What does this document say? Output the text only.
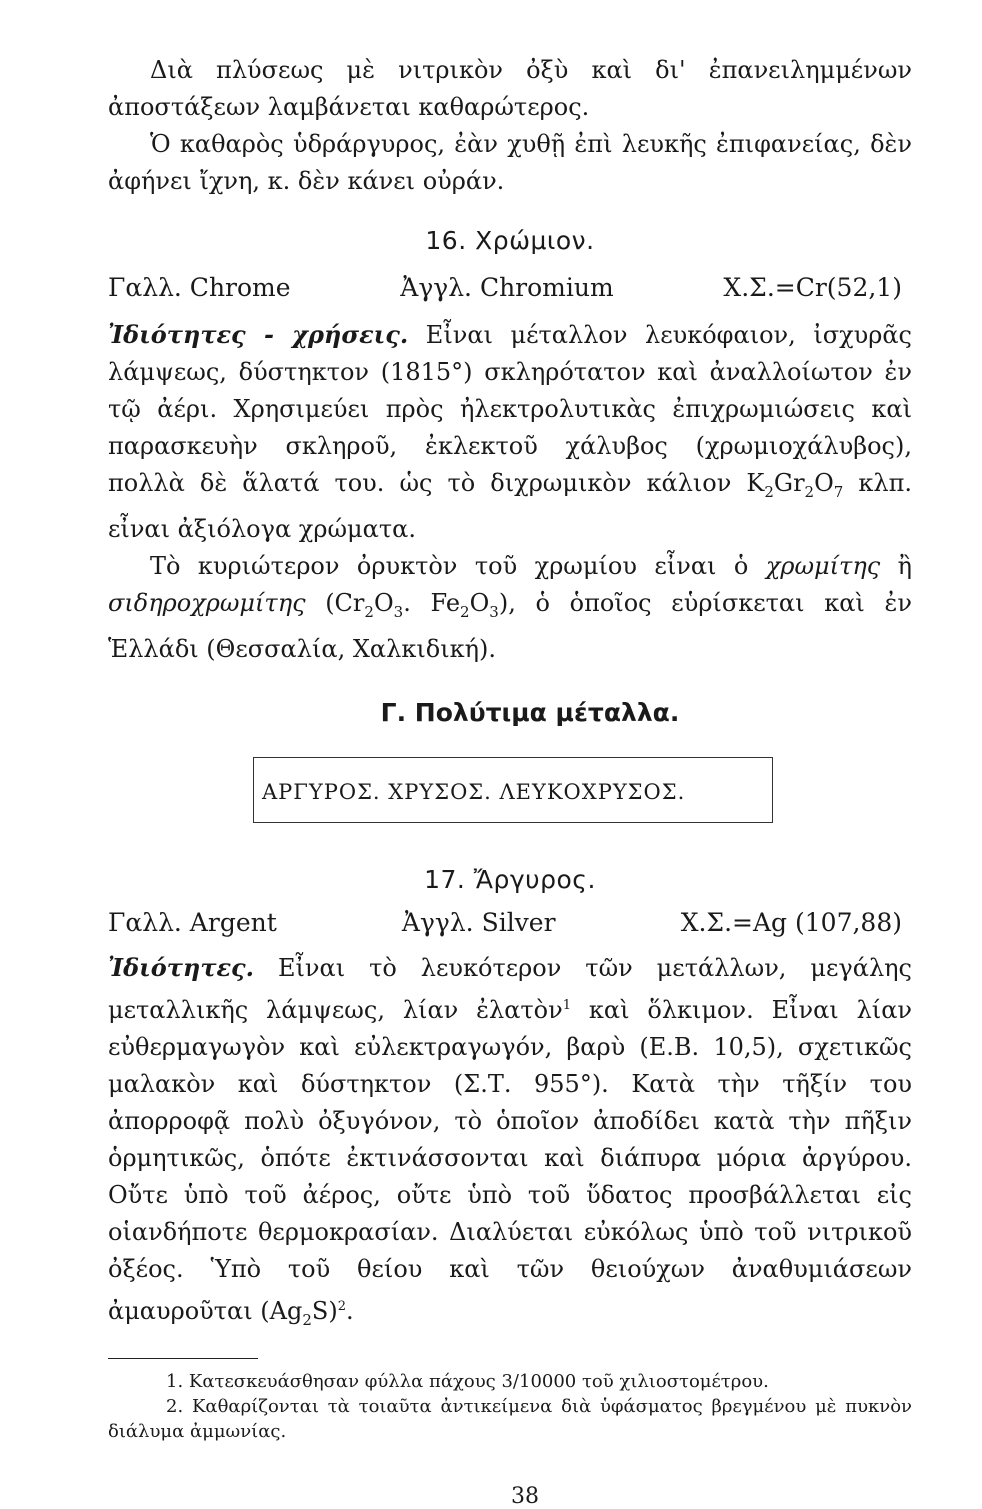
Διὰ πλύσεως μὲ νιτρικὸν ὀξὺ καὶ δι' ἐπανειλημμένων ἀποστάξεων λαμβάνεται καθαρώτερος.

Ὁ καθαρὸς ὑδράργυρος, ἐὰν χυθῇ ἐπὶ λευκῆς ἐπιφανείας, δὲν ἀφήνει ἴχνη, κ. δὲν κάνει οὐράν.

16. Χρώμιον.

Γαλλ. Chrome	Ἀγγλ. Chromium	Χ.Σ.=Cr(52,1)

Ἰδιότητες - χρήσεις. Εἶναι μέταλλον λευκόφαιον, ἰσχυρᾶς λάμψεως, δύστηκτον (1815°) σκληρότατον καὶ ἀναλλοίωτον ἐν τῷ ἀέρι. Χρησιμεύει πρὸς ἠλεκτρολυτικὰς ἐπιχρωμιώσεις καὶ παρασκευὴν σκληροῦ, ἐκλεκτοῦ χάλυβος (χρωμιοχάλυβος), πολλὰ δὲ ἅλατά του. ὡς τὸ διχρωμικὸν κάλιον $K_2Gr_2O_7$ κλπ. εἶναι ἀξιόλογα χρώματα.

Τὸ κυριώτερον ὀρυκτὸν τοῦ χρωμίου εἶναι ὁ χρωμίτης ἢ σιδηροχρωμίτης ($Cr_2O_3$. $Fe_2O_3$), ὁ ὁποῖος εὑρίσκεται καὶ ἐν Ἑλλάδι (Θεσσαλία, Χαλκιδική).

Γ. Πολύτιμα μέταλλα.

ΑΡΓΥΡΟΣ. ΧΡΥΣΟΣ. ΛΕΥΚΟΧΡΥΣΟΣ.

17. Ἄργυρος.

Γαλλ. Argent	Ἀγγλ. Silver	Χ.Σ.=Ag (107,88)

Ἰδιότητες. Εἶναι τὸ λευκότερον τῶν μετάλλων, μεγάλης μεταλλικῆς λάμψεως, λίαν ἐλατὸν$^1$ καὶ ὅλκιμον. Εἶναι λίαν εὐθερμαγωγὸν καὶ εὐλεκτραγωγόν, βαρὺ (Ε.Β. 10,5), σχετικῶς μαλακὸν καὶ δύστηκτον (Σ.Τ. 955°). Κατὰ τὴν τῆξίν του ἀπορροφᾷ πολὺ ὀξυγόνον, τὸ ὁποῖον ἀποδίδει κατὰ τὴν πῆξιν ὁρμητικῶς, ὁπότε ἐκτινάσσονται καὶ διάπυρα μόρια ἀργύρου. Οὔτε ὑπὸ τοῦ ἀέρος, οὔτε ὑπὸ τοῦ ὕδατος προσβάλλεται εἰς οἱανδήποτε θερμοκρασίαν. Διαλύεται εὐκόλως ὑπὸ τοῦ νιτρικοῦ ὀξέος. Ὑπὸ τοῦ θείου καὶ τῶν θειούχων ἀναθυμιάσεων ἀμαυροῦται $(Ag_2S)^2$.

1. Κατεσκευάσθησαν φύλλα πάχους 3/10000 τοῦ χιλιοστομέτρου.

2. Καθαρίζονται τὰ τοιαῦτα ἀντικείμενα διὰ ὑφάσματος βρεγμένου μὲ πυκνὸν διάλυμα ἀμμωνίας.

38
